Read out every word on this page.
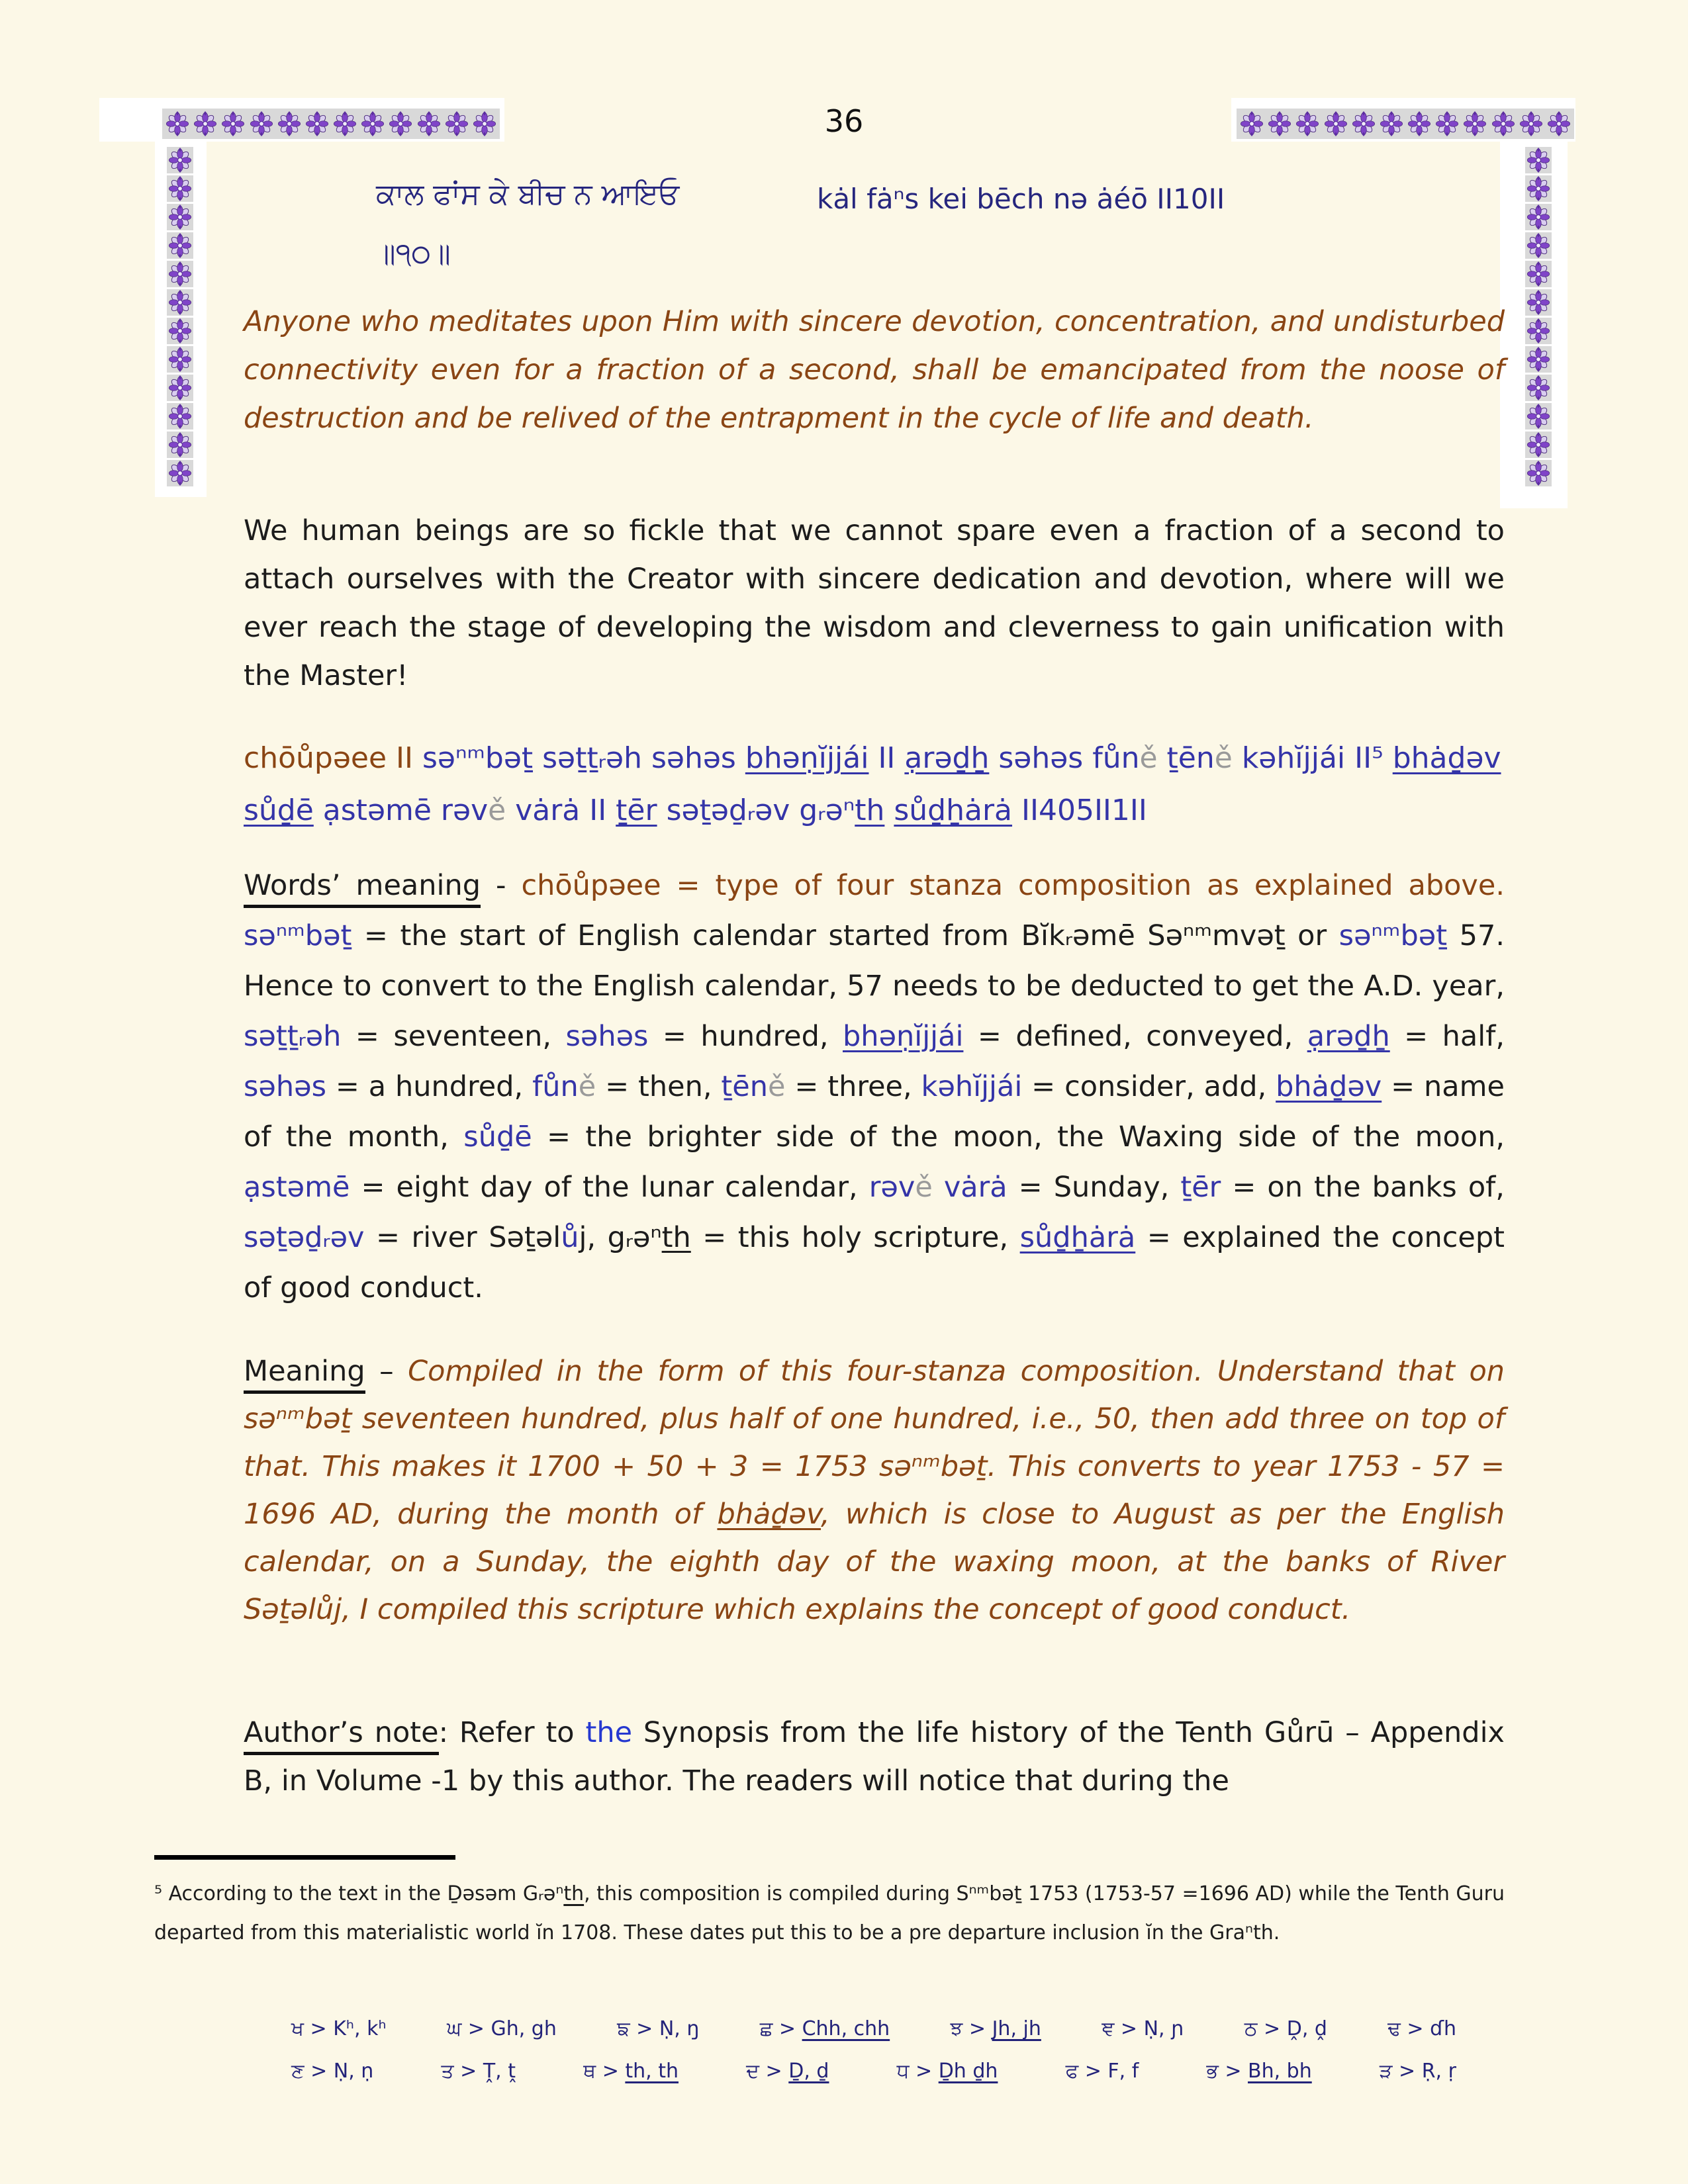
36
ਕਾਲ ਫਾਂਸ ਕੇ ਬੀਚ ਨ ਆਇਓ	kȧl fȧⁿs kei bēch nə ȧéō II10II
॥੧੦॥
Anyone who meditates upon Him with sincere devotion, concentration, and undisturbed connectivity even for a fraction of a second, shall be emancipated from the noose of destruction and be relived of the entrapment in the cycle of life and death.
We human beings are so fickle that we cannot spare even a fraction of a second to attach ourselves with the Creator with sincere dedication and devotion, where will we ever reach the stage of developing the wisdom and cleverness to gain unification with the Master!
chōůpəee II səⁿᵐbəṯ səṯṯᵣəh səhəs bhəṇĭjjái II ạrəḏẖ səhəs fůně ṯēně kəhĭjjái II⁵ bhȧḏəv sůḏē ạstəmē rəvě vȧrȧ II ṯēr səṯəḏᵣəv gᵣəⁿth sůḏẖȧrȧ II405II1II
Words’ meaning - chōůpəee = type of four stanza composition as explained above. səⁿᵐbəṯ = the start of English calendar started from Bĭkᵣəmē Səⁿᵐmvəṯ or səⁿᵐbəṯ 57. Hence to convert to the English calendar, 57 needs to be deducted to get the A.D. year, səṯṯᵣəh = seventeen, səhəs = hundred, bhəṇĭjjái = defined, conveyed, ạrəḏẖ = half, səhəs = a hundred, fůně = then, ṯēně = three, kəhĭjjái = consider, add, bhȧḏəv = name of the month, sůḏē = the brighter side of the moon, the Waxing side of the moon, ạstəmē = eight day of the lunar calendar, rəvě vȧrȧ = Sunday, ṯēr = on the banks of, səṯəḏᵣəv = river Səṯəlůj, gᵣəⁿth = this holy scripture, sůḏẖȧrȧ = explained the concept of good conduct.
Meaning – Compiled in the form of this four-stanza composition. Understand that on səⁿᵐbəṯ seventeen hundred, plus half of one hundred, i.e., 50, then add three on top of that. This makes it 1700 + 50 + 3 = 1753 səⁿᵐbəṯ. This converts to year 1753 - 57 = 1696 AD, during the month of bhȧḏəv, which is close to August as per the English calendar, on a Sunday, the eighth day of the waxing moon, at the banks of River Səṯəlůj, I compiled this scripture which explains the concept of good conduct.
Author’s note: Refer to the Synopsis from the life history of the Tenth Gůrū – Appendix B, in Volume -1 by this author. The readers will notice that during the
⁵ According to the text in the Ḏəsəm Gᵣəⁿth, this composition is compiled during Sⁿᵐbəṯ 1753 (1753-57 =1696 AD) while the Tenth Guru departed from this materialistic world ĭn 1708. These dates put this to be a pre departure inclusion ĭn the Graⁿth.
ਖ > Kʰ, kʰ	ਘ > Gh, gh	ਙ > Ṇ, ŋ	ਛ > Chh, chh	ਝ > Jh, jh	ਞ > Ṇ, ɲ	ਠ > Ḓ, ḓ	ਢ > ɗh
ਣ > Ṇ, ṇ	ਤ > Ṱ, ṱ	ਥ > th, th	ਦ > Ḏ, ḏ	ਧ > Ḏh ḏh	ਫ > F, f	ਭ > Bh, bh	ੜ > Ṛ, ṛ
